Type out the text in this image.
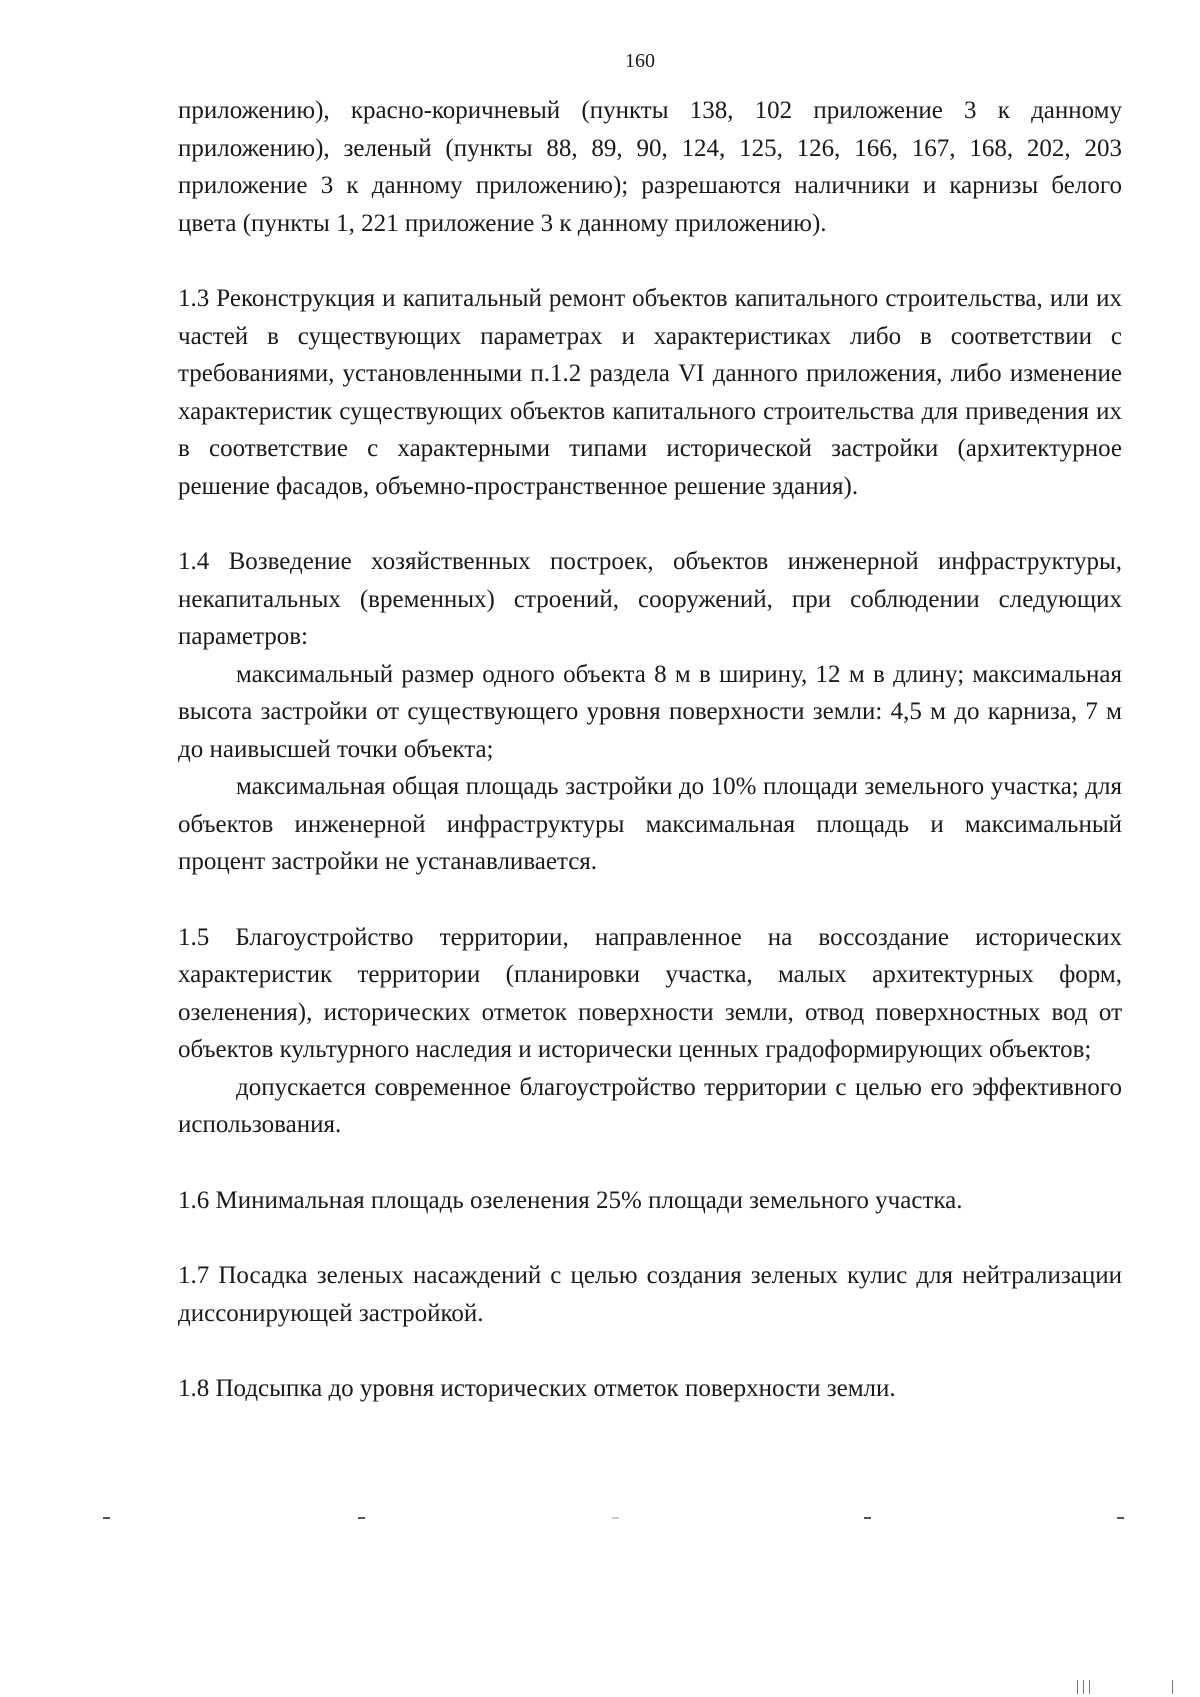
160

приложению), красно-коричневый (пункты 138, 102 приложение 3 к данному приложению), зеленый (пункты 88, 89, 90, 124, 125, 126, 166, 167, 168, 202, 203 приложение 3 к данному приложению); разрешаются наличники и карнизы белого цвета (пункты 1, 221 приложение 3 к данному приложению).

1.3 Реконструкция и капитальный ремонт объектов капитального строительства, или их частей в существующих параметрах и характеристиках либо в соответствии с требованиями, установленными п.1.2 раздела VI данного приложения, либо изменение характеристик существующих объектов капитального строительства для приведения их в соответствие с характерными типами исторической застройки (архитектурное решение фасадов, объемно-пространственное решение здания).

1.4 Возведение хозяйственных построек, объектов инженерной инфраструктуры, некапитальных (временных) строений, сооружений, при соблюдении следующих параметров:

максимальный размер одного объекта 8 м в ширину, 12 м в длину; максимальная высота застройки от существующего уровня поверхности земли: 4,5 м до карниза, 7 м до наивысшей точки объекта;

максимальная общая площадь застройки до 10% площади земельного участка; для объектов инженерной инфраструктуры максимальная площадь и максимальный процент застройки не устанавливается.

1.5 Благоустройство территории, направленное на воссоздание исторических характеристик территории (планировки участка, малых архитектурных форм, озеленения), исторических отметок поверхности земли, отвод поверхностных вод от объектов культурного наследия и исторически ценных градоформирующих объектов;

допускается современное благоустройство территории с целью его эффективного использования.

1.6 Минимальная площадь озеленения 25% площади земельного участка.

1.7 Посадка зеленых насаждений с целью создания зеленых кулис для нейтрализации диссонирующей застройкой.

1.8 Подсыпка до уровня исторических отметок поверхности земли.
